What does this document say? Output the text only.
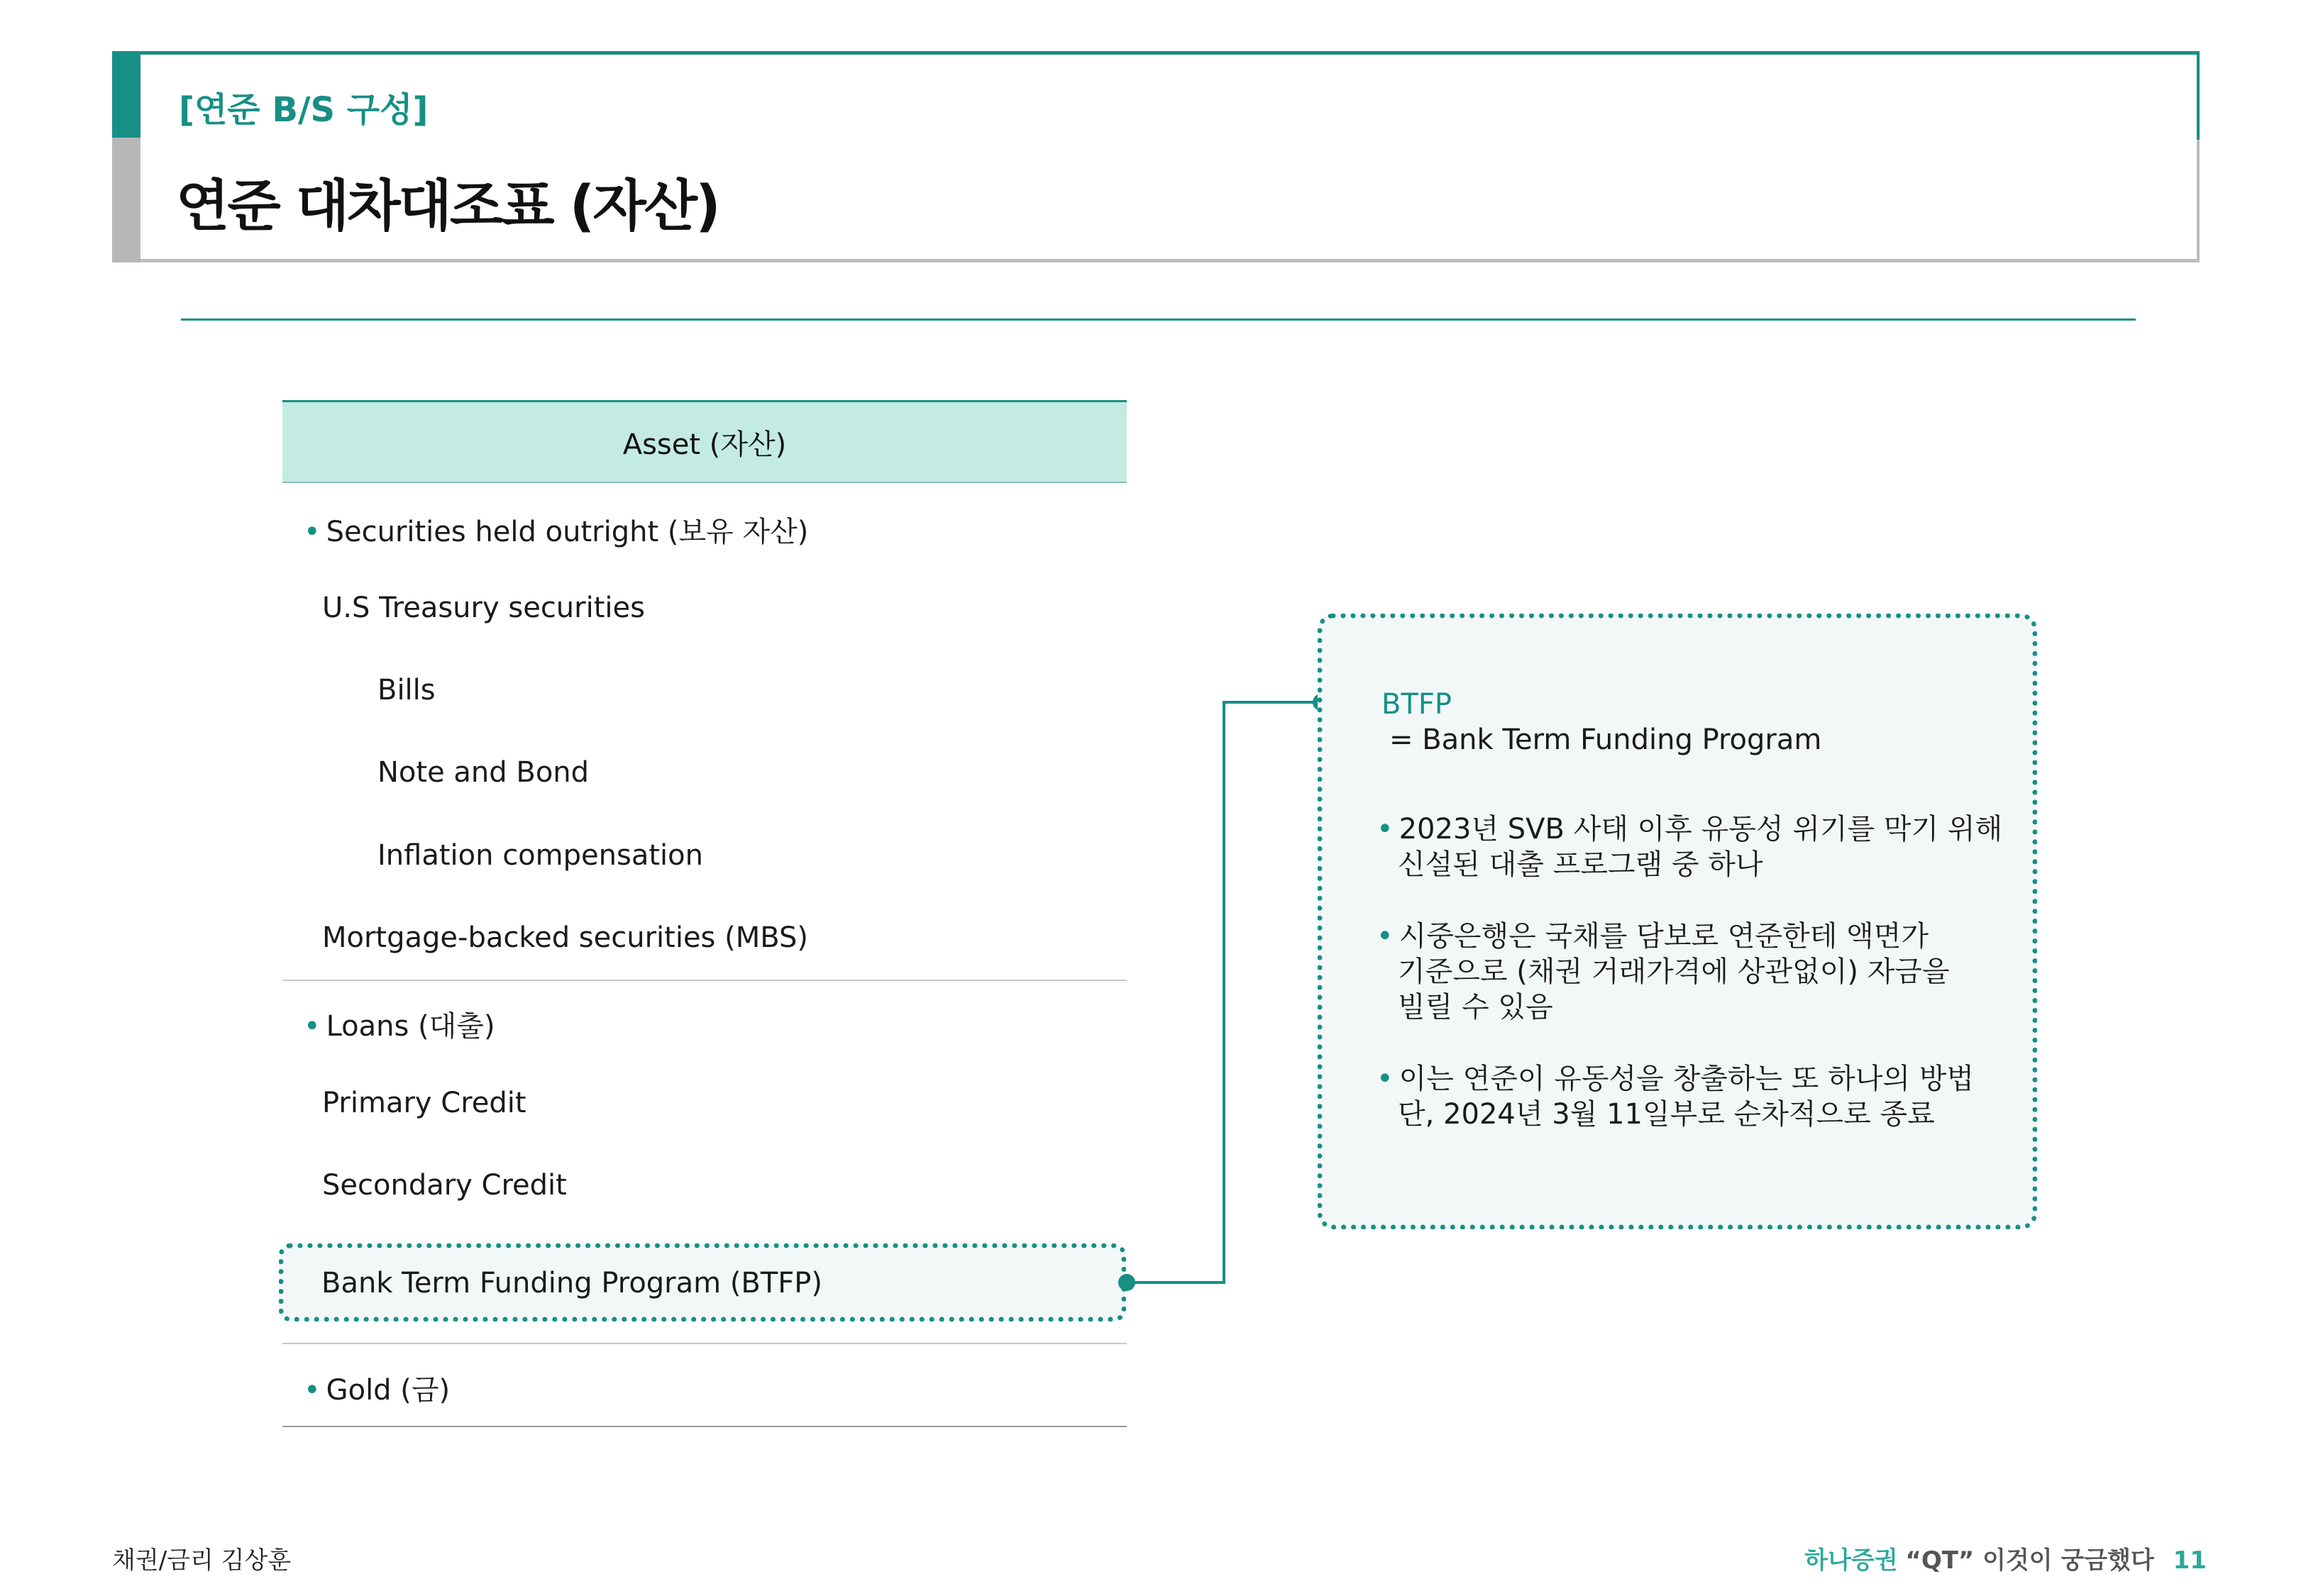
[연준 B/S 구성]
연준 대차대조표 (자산)
Asset (자산)
• Securities held outright (보유 자산)
U.S Treasury securities
Bills
Note and Bond
Inflation compensation
Mortgage-backed securities (MBS)
• Loans (대출)
Primary Credit
Secondary Credit
Bank Term Funding Program (BTFP)
• Gold (금)
BTFP
= Bank Term Funding Program
• 2023년 SVB 사태 이후 유동성 위기를 막기 위해
신설된 대출 프로그램 중 하나
• 시중은행은 국채를 담보로 연준한테 액면가
기준으로 (채권 거래가격에 상관없이) 자금을
빌릴 수 있음
• 이는 연준이 유동성을 창출하는 또 하나의 방법
단, 2024년 3월 11일부로 순차적으로 종료
채권/금리 김상훈	하나증권 “QT” 이것이 궁금했다 11
